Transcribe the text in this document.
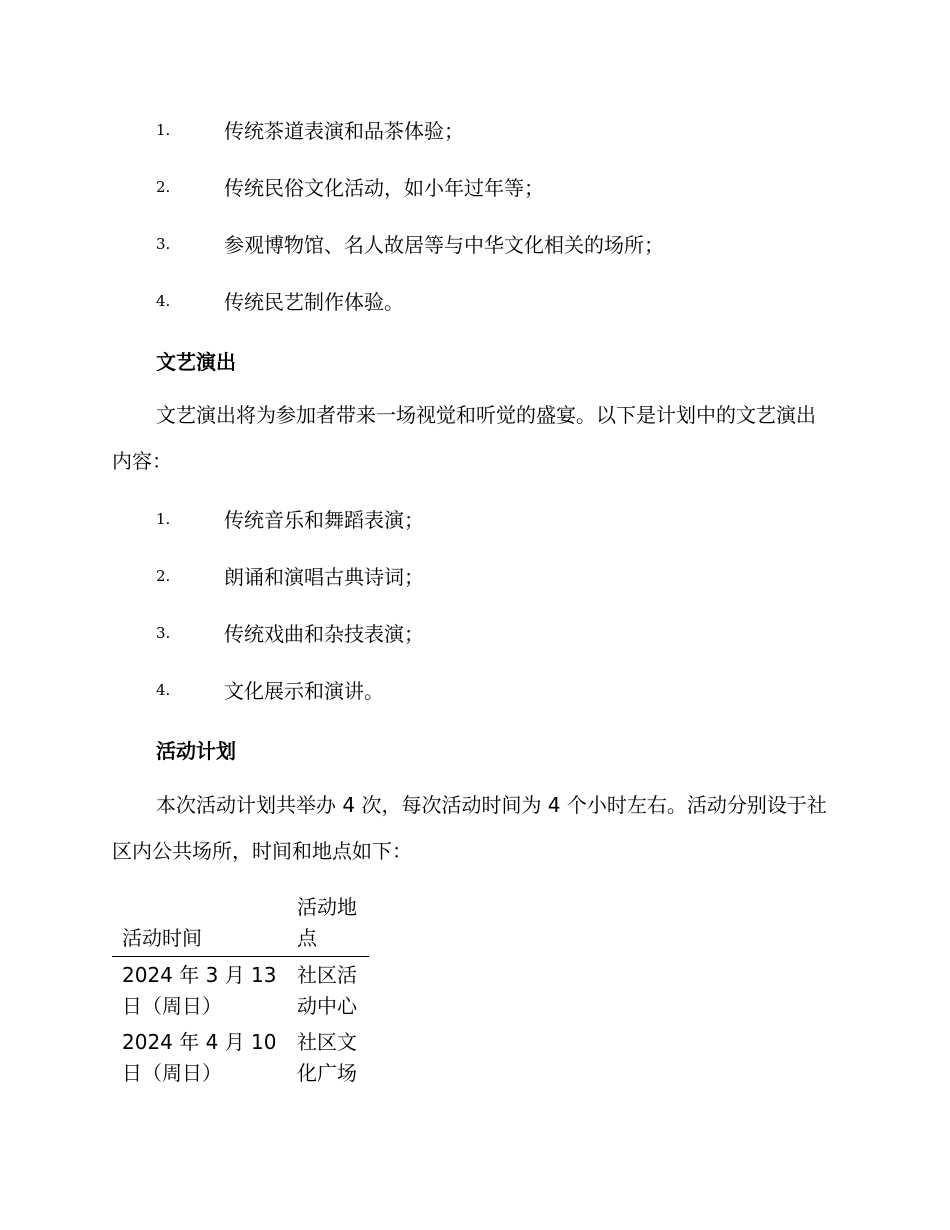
1.	传统茶道表演和品茶体验；
2.	传统民俗文化活动，如小年过年等；
3.	参观博物馆、名人故居等与中华文化相关的场所；
4.	传统民艺制作体验。
文艺演出

文艺演出将为参加者带来一场视觉和听觉的盛宴。以下是计划中的文艺演出内容：

1.	传统音乐和舞蹈表演；
2.	朗诵和演唱古典诗词；
3.	传统戏曲和杂技表演；
4.	文化展示和演讲。
活动计划

本次活动计划共举办 4 次，每次活动时间为 4 个小时左右。活动分别设于社区内公共场所，时间和地点如下：

活动时间	活动地点
2024 年 3 月 13 日（周日）	社区活动中心
2024 年 4 月 10 日（周日）	社区文化广场
